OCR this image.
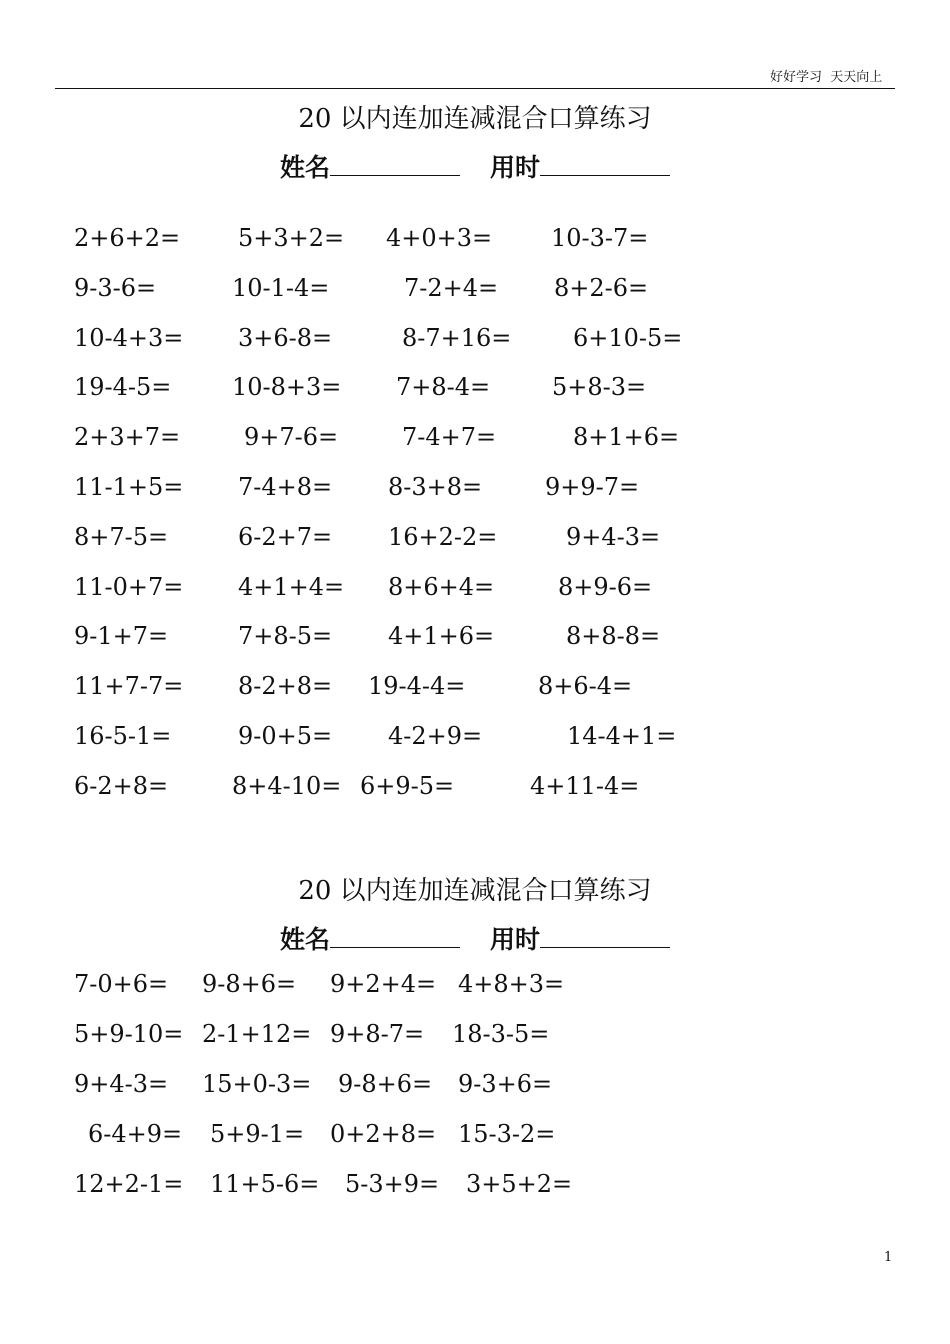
好好学习  天天向上
20 以内连加连减混合口算练习
姓名	用时
2+6+2= 5+3+2= 4+0+3= 10-3-7=
9-3-6=	10-1-4=	7-2+4= 8+2-6=
10-4+3= 3+6-8=	8-7+16=	6+10-5=
19-4-5=	10-8+3= 7+8-4=	5+8-3=
2+3+7=	9+7-6=	7-4+7=	8+1+6=
11-1+5= 7-4+8= 8-3+8=	9+9-7=
8+7-5=	6-2+7= 16+2-2=	9+4-3=
11-0+7= 4+1+4= 8+6+4=	8+9-6=
9-1+7=	7+8-5= 4+1+6=	8+8-8=
11+7-7= 8-2+8= 19-4-4=	8+6-4=
16-5-1=	9-0+5= 4-2+9=	14-4+1=
6-2+8=	8+4-10= 6+9-5=	4+11-4=
20 以内连加连减混合口算练习
姓名	用时
7-0+6= 9-8+6= 9+2+4= 4+8+3=
5+9-10= 2-1+12= 9+8-7= 18-3-5=
9+4-3= 15+0-3= 9-8+6= 9-3+6=
6-4+9= 5+9-1= 0+2+8= 15-3-2=
12+2-1= 11+5-6= 5-3+9= 3+5+2=
1
